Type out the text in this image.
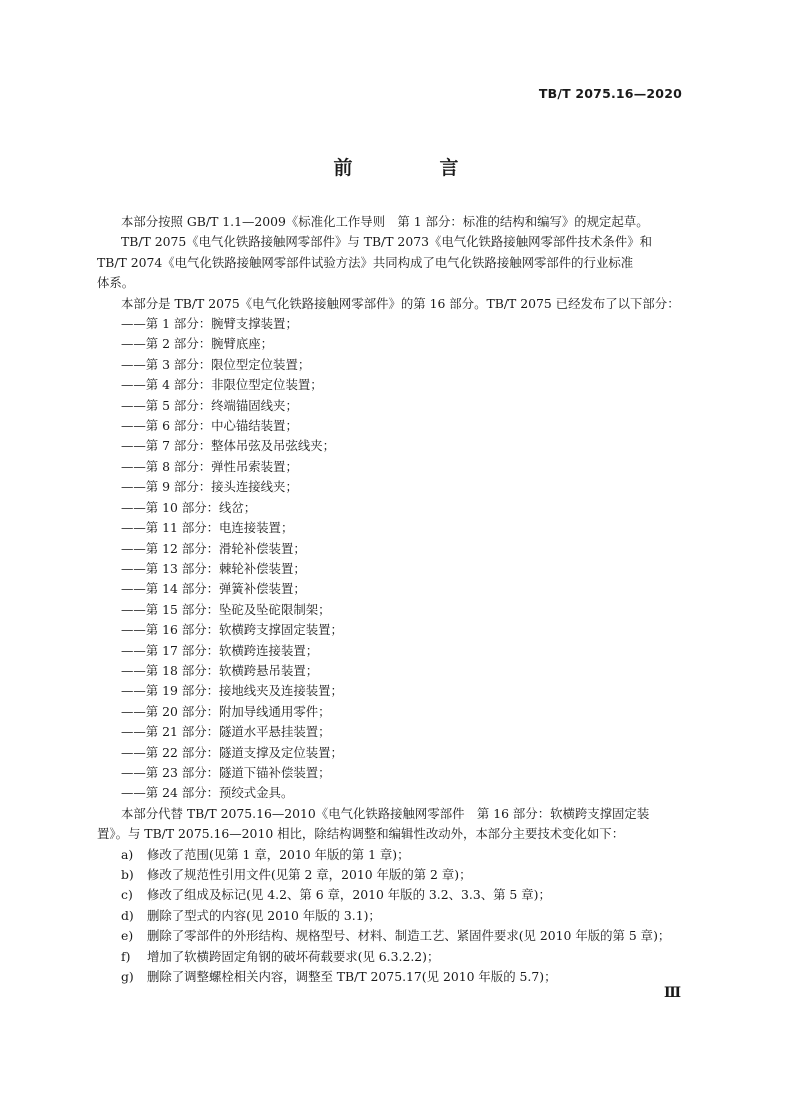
TB/T 2075.16—2020
前　言

本部分按照 GB/T 1.1—2009《标准化工作导则　第 1 部分：标准的结构和编写》的规定起草。

TB/T 2075《电气化铁路接触网零部件》与 TB/T 2073《电气化铁路接触网零部件技术条件》和

TB/T 2074《电气化铁路接触网零部件试验方法》共同构成了电气化铁路接触网零部件的行业标准

体系。

本部分是 TB/T 2075《电气化铁路接触网零部件》的第 16 部分。TB/T 2075 已经发布了以下部分：

——第 1 部分：腕臂支撑装置；

——第 2 部分：腕臂底座；

——第 3 部分：限位型定位装置；

——第 4 部分：非限位型定位装置；

——第 5 部分：终端锚固线夹；

——第 6 部分：中心锚结装置；

——第 7 部分：整体吊弦及吊弦线夹；

——第 8 部分：弹性吊索装置；

——第 9 部分：接头连接线夹；

——第 10 部分：线岔；

——第 11 部分：电连接装置；

——第 12 部分：滑轮补偿装置；

——第 13 部分：棘轮补偿装置；

——第 14 部分：弹簧补偿装置；

——第 15 部分：坠砣及坠砣限制架；

——第 16 部分：软横跨支撑固定装置；

——第 17 部分：软横跨连接装置；

——第 18 部分：软横跨悬吊装置；

——第 19 部分：接地线夹及连接装置；

——第 20 部分：附加导线通用零件；

——第 21 部分：隧道水平悬挂装置；

——第 22 部分：隧道支撑及定位装置；

——第 23 部分：隧道下锚补偿装置；

——第 24 部分：预绞式金具。

本部分代替 TB/T 2075.16—2010《电气化铁路接触网零部件　第 16 部分：软横跨支撑固定装

置》。与 TB/T 2075.16—2010 相比，除结构调整和编辑性改动外，本部分主要技术变化如下：

a) 修改了范围(见第 1 章，2010 年版的第 1 章)；

b) 修改了规范性引用文件(见第 2 章，2010 年版的第 2 章)；

c) 修改了组成及标记(见 4.2、第 6 章，2010 年版的 3.2、3.3、第 5 章)；

d) 删除了型式的内容(见 2010 年版的 3.1)；

e) 删除了零部件的外形结构、规格型号、材料、制造工艺、紧固件要求(见 2010 年版的第 5 章)；

f) 增加了软横跨固定角钢的破坏荷载要求(见 6.3.2.2)；

g) 删除了调整螺栓相关内容，调整至 TB/T 2075.17(见 2010 年版的 5.7)；

Ⅲ
